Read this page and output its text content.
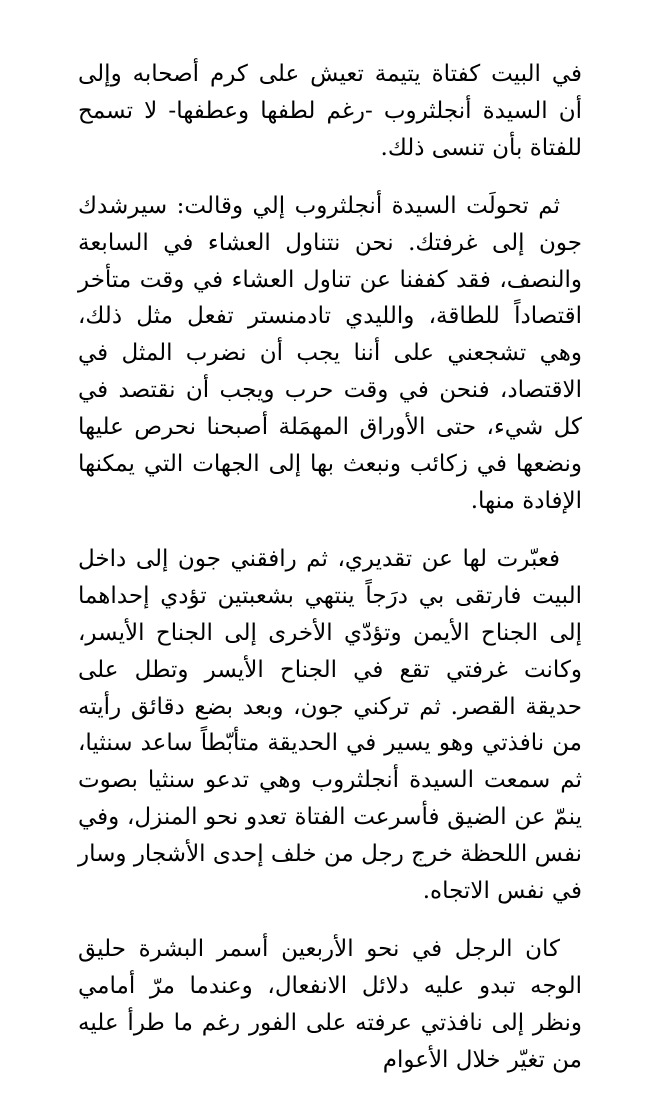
في البيت كفتاة يتيمة تعيش على كرم أصحابه وإلى أن السيدة أنجلثروب -رغم لطفها وعطفها- لا تسمح للفتاة بأن تنسى ذلك.

ثم تحولَت السيدة أنجلثروب إلي وقالت: سيرشدك جون إلى غرفتك. نحن نتناول العشاء في السابعة والنصف، فقد كففنا عن تناول العشاء في وقت متأخر اقتصاداً للطاقة، والليدي تادمنستر تفعل مثل ذلك، وهي تشجعني على أننا يجب أن نضرب المثل في الاقتصاد، فنحن في وقت حرب ويجب أن نقتصد في كل شيء، حتى الأوراق المهمَلة أصبحنا نحرص عليها ونضعها في زكائب ونبعث بها إلى الجهات التي يمكنها الإفادة منها.

فعبّرت لها عن تقديري، ثم رافقني جون إلى داخل البيت فارتقى بي درَجاً ينتهي بشعبتين تؤدي إحداهما إلى الجناح الأيمن وتؤدّي الأخرى إلى الجناح الأيسر، وكانت غرفتي تقع في الجناح الأيسر وتطل على حديقة القصر. ثم تركني جون، وبعد بضع دقائق رأيته من نافذتي وهو يسير في الحديقة متأبّطاً ساعد سنثيا، ثم سمعت السيدة أنجلثروب وهي تدعو سنثيا بصوت ينمّ عن الضيق فأسرعت الفتاة تعدو نحو المنزل، وفي نفس اللحظة خرج رجل من خلف إحدى الأشجار وسار في نفس الاتجاه.

كان الرجل في نحو الأربعين أسمر البشرة حليق الوجه تبدو عليه دلائل الانفعال، وعندما مرّ أمامي ونظر إلى نافذتي عرفته على الفور رغم ما طرأ عليه من تغيّر خلال الأعوام
